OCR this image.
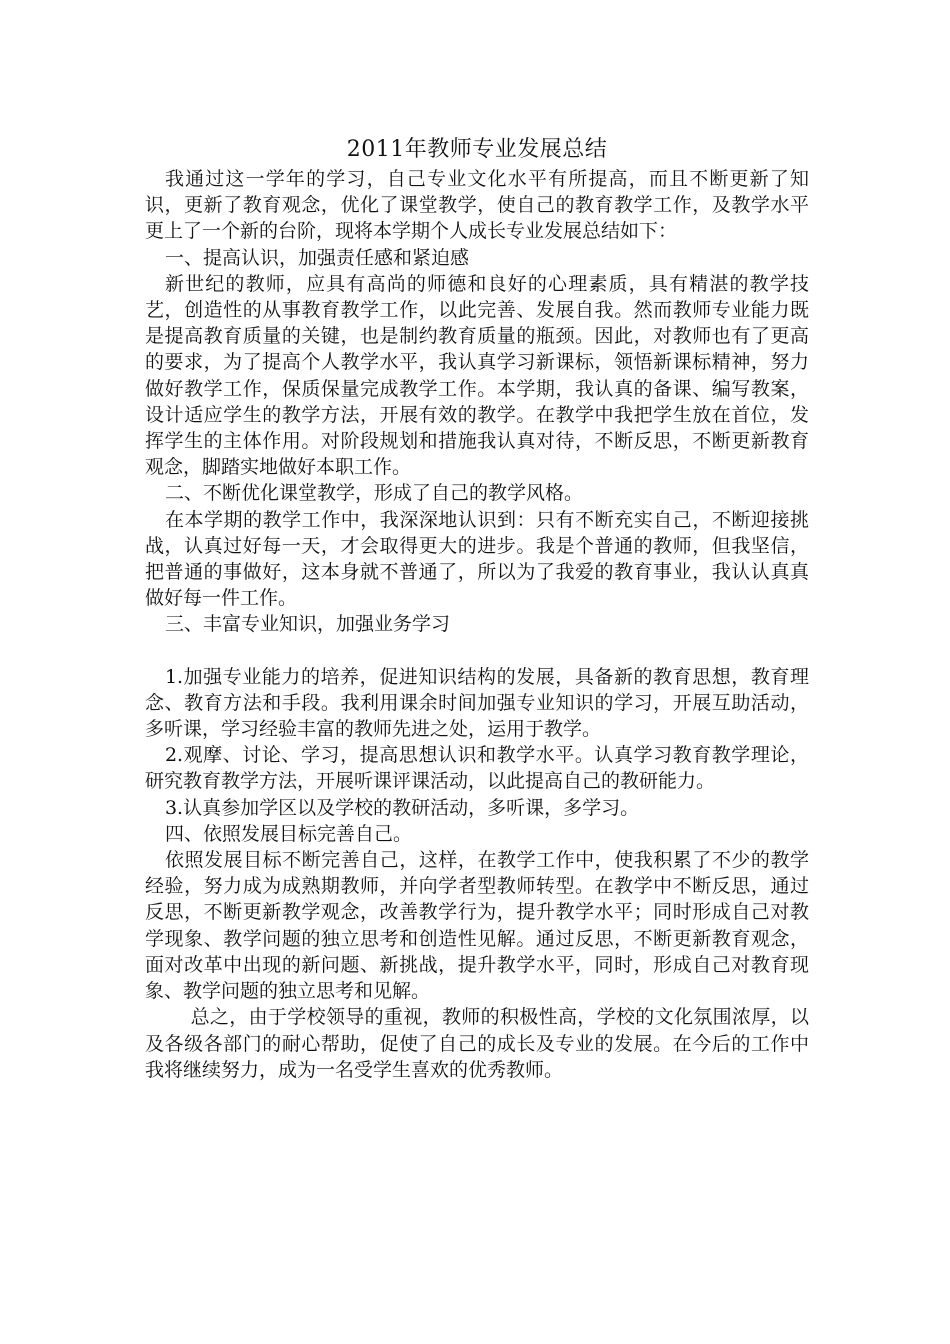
2011年教师专业发展总结

我通过这一学年的学习，自己专业文化水平有所提高，而且不断更新了知识，更新了教育观念，优化了课堂教学，使自己的教育教学工作，及教学水平更上了一个新的台阶，现将本学期个人成长专业发展总结如下：

一、提高认识，加强责任感和紧迫感

新世纪的教师，应具有高尚的师德和良好的心理素质，具有精湛的教学技艺，创造性的从事教育教学工作，以此完善、发展自我。然而教师专业能力既是提高教育质量的关键，也是制约教育质量的瓶颈。因此，对教师也有了更高的要求，为了提高个人教学水平，我认真学习新课标，领悟新课标精神，努力做好教学工作，保质保量完成教学工作。本学期，我认真的备课、编写教案，设计适应学生的教学方法，开展有效的教学。在教学中我把学生放在首位，发挥学生的主体作用。对阶段规划和措施我认真对待，不断反思，不断更新教育观念，脚踏实地做好本职工作。

二、不断优化课堂教学，形成了自己的教学风格。

在本学期的教学工作中，我深深地认识到：只有不断充实自己，不断迎接挑战，认真过好每一天，才会取得更大的进步。我是个普通的教师，但我坚信，把普通的事做好，这本身就不普通了，所以为了我爱的教育事业，我认认真真做好每一件工作。

三、丰富专业知识，加强业务学习

1.加强专业能力的培养，促进知识结构的发展，具备新的教育思想，教育理念、教育方法和手段。我利用课余时间加强专业知识的学习，开展互助活动，多听课，学习经验丰富的教师先进之处，运用于教学。

2.观摩、讨论、学习，提高思想认识和教学水平。认真学习教育教学理论，研究教育教学方法，开展听课评课活动，以此提高自己的教研能力。

3.认真参加学区以及学校的教研活动，多听课，多学习。

四、依照发展目标完善自己。

依照发展目标不断完善自己，这样，在教学工作中，使我积累了不少的教学经验，努力成为成熟期教师，并向学者型教师转型。在教学中不断反思，通过反思，不断更新教学观念，改善教学行为，提升教学水平；同时形成自己对教学现象、教学问题的独立思考和创造性见解。通过反思，不断更新教育观念，面对改革中出现的新问题、新挑战，提升教学水平，同时，形成自己对教育现象、教学问题的独立思考和见解。

总之，由于学校领导的重视，教师的积极性高，学校的文化氛围浓厚，以及各级各部门的耐心帮助，促使了自己的成长及专业的发展。在今后的工作中我将继续努力，成为一名受学生喜欢的优秀教师。
